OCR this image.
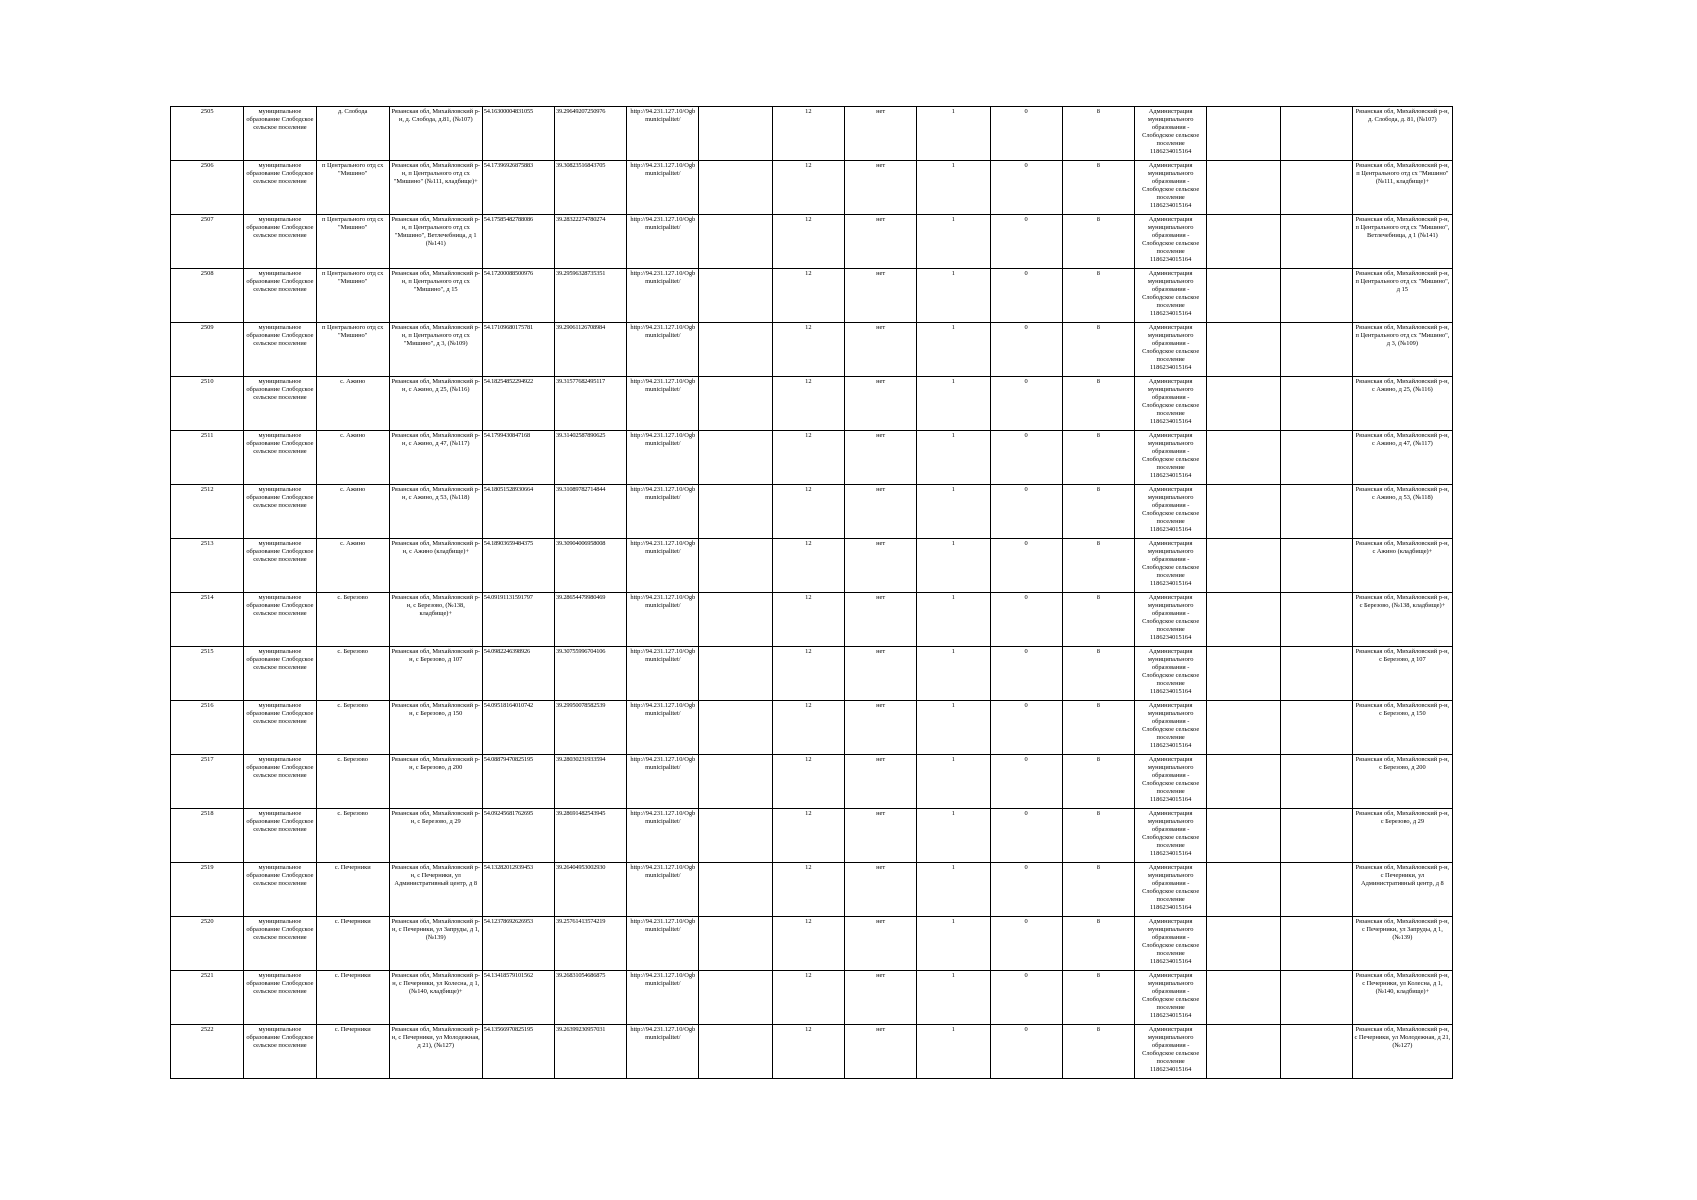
2505	муниципальное образование Слободское сельское поселение	д. Слобода	Рязанская обл, Михайловский р-н, д. Слобода, д.81, (№107)	54.16300004831055	39.29649207250976	http://94.231.127.10/Ogbmunicipalitet/		12	нет	1	0	8	Администрация муниципального образования - Слободское сельское поселение 1186234015164			Рязанская обл, Михайловский р-н, д. Слобода, д. 81, (№107)
2506	муниципальное образование Слободское сельское поселение	п Центрального отд сх "Мишино"	Рязанская обл, Михайловский р-н, п Центрального отд сх "Мишино" (№111, кладбище)+	54.17396926875883	39.30823516843705	http://94.231.127.10/Ogbmunicipalitet/		12	нет	1	0	8	Администрация муниципального образования - Слободское сельское поселение 1186234015164			Рязанская обл, Михайловский р-н, п Центрального отд сх "Мишино" (№111, кладбище)+
2507	муниципальное образование Слободское сельское поселение	п Центрального отд сх "Мишино"	Рязанская обл, Михайловский р-н, п Центрального отд сх "Мишино", Ветлечебница, д 1 (№141)	54.17585482788086	39.28322274780274	http://94.231.127.10/Ogbmunicipalitet/		12	нет	1	0	8	Администрация муниципального образования - Слободское сельское поселение 1186234015164			Рязанская обл, Михайловский р-н, п Центрального отд сх "Мишино", Ветлечебница, д 1 (№141)
2508	муниципальное образование Слободское сельское поселение	п Центрального отд сх "Мишино"	Рязанская обл, Михайловский р-н, п Центрального отд сх "Мишино", д 15	54.17200088500976	39.29596328735351	http://94.231.127.10/Ogbmunicipalitet/		12	нет	1	0	8	Администрация муниципального образования - Слободское сельское поселение 1186234015164			Рязанская обл, Михайловский р-н, п Центрального отд сх "Мишино", д 15
2509	муниципальное образование Слободское сельское поселение	п Центрального отд сх "Мишино"	Рязанская обл, Михайловский р-н, п Центрального отд сх "Мишино", д 3, (№109)	54.17109680175781	39.29061126708984	http://94.231.127.10/Ogbmunicipalitet/		12	нет	1	0	8	Администрация муниципального образования - Слободское сельское поселение 1186234015164			Рязанская обл, Михайловский р-н, п Центрального отд сх "Мишино", д 3, (№109)
2510	муниципальное образование Слободское сельское поселение	с. Ажино	Рязанская обл, Михайловский р-н, с Ажино, д 25, (№116)	54.18254852294922	39.31577682495117	http://94.231.127.10/Ogbmunicipalitet/		12	нет	1	0	8	Администрация муниципального образования - Слободское сельское поселение 1186234015164			Рязанская обл, Михайловский р-н, с Ажино, д 25, (№116)
2511	муниципальное образование Слободское сельское поселение	с. Ажино	Рязанская обл, Михайловский р-н, с Ажино, д 47, (№117)	54.1799430847168	39.31402587890625	http://94.231.127.10/Ogbmunicipalitet/		12	нет	1	0	8	Администрация муниципального образования - Слободское сельское поселение 1186234015164			Рязанская обл, Михайловский р-н, с Ажино, д 47, (№117)
2512	муниципальное образование Слободское сельское поселение	с. Ажино	Рязанская обл, Михайловский р-н, с Ажино, д 53, (№118)	54.18051528930664	39.31089782714844	http://94.231.127.10/Ogbmunicipalitet/		12	нет	1	0	8	Администрация муниципального образования - Слободское сельское поселение 1186234015164			Рязанская обл, Михайловский р-н, с Ажино, д 53, (№118)
2513	муниципальное образование Слободское сельское поселение	с. Ажино	Рязанская обл, Михайловский р-н, с Ажино (кладбище)+	54.18903659484375	39.30904006958008	http://94.231.127.10/Ogbmunicipalitet/		12	нет	1	0	8	Администрация муниципального образования - Слободское сельское поселение 1186234015164			Рязанская обл, Михайловский р-н, с Ажино (кладбище)+
2514	муниципальное образование Слободское сельское поселение	с. Березово	Рязанская обл, Михайловский р-н, с Березово, (№138, кладбище)+	54.09191131591797	39.28654479980469	http://94.231.127.10/Ogbmunicipalitet/		12	нет	1	0	8	Администрация муниципального образования - Слободское сельское поселение 1186234015164			Рязанская обл, Михайловский р-н, с Березово, (№138, кладбище)+
2515	муниципальное образование Слободское сельское поселение	с. Березово	Рязанская обл, Михайловский р-н, с Березово, д 107	54.0982246398926	39.30755996704106	http://94.231.127.10/Ogbmunicipalitet/		12	нет	1	0	8	Администрация муниципального образования - Слободское сельское поселение 1186234015164			Рязанская обл, Михайловский р-н, с Березово, д 107
2516	муниципальное образование Слободское сельское поселение	с. Березово	Рязанская обл, Михайловский р-н, с Березово, д 150	54.09518164010742	39.29950078582539	http://94.231.127.10/Ogbmunicipalitet/		12	нет	1	0	8	Администрация муниципального образования - Слободское сельское поселение 1186234015164			Рязанская обл, Михайловский р-н, с Березово, д 150
2517	муниципальное образование Слободское сельское поселение	с. Березово	Рязанская обл, Михайловский р-н, с Березово, д 200	54.08879470825195	39.28030231933594	http://94.231.127.10/Ogbmunicipalitet/		12	нет	1	0	8	Администрация муниципального образования - Слободское сельское поселение 1186234015164			Рязанская обл, Михайловский р-н, с Березово, д 200
2518	муниципальное образование Слободское сельское поселение	с. Березово	Рязанская обл, Михайловский р-н, с Березово, д 29	54.09245681762695	39.28691482543945	http://94.231.127.10/Ogbmunicipalitet/		12	нет	1	0	8	Администрация муниципального образования - Слободское сельское поселение 1186234015164			Рязанская обл, Михайловский р-н, с Березово, д 29
2519	муниципальное образование Слободское сельское поселение	с. Печерники	Рязанская обл, Михайловский р-н, с Печерники, ул Административный центр, д 8	54.13282012939453	39.26404953002930	http://94.231.127.10/Ogbmunicipalitet/		12	нет	1	0	8	Администрация муниципального образования - Слободское сельское поселение 1186234015164			Рязанская обл, Михайловский р-н, с Печерники, ул Административный центр, д 8
2520	муниципальное образование Слободское сельское поселение	с. Печерники	Рязанская обл, Михайловский р-н, с Печерники, ул Запруды, д 1, (№139)	54.12378692626953	39.25761413574219	http://94.231.127.10/Ogbmunicipalitet/		12	нет	1	0	8	Администрация муниципального образования - Слободское сельское поселение 1186234015164			Рязанская обл, Михайловский р-н, с Печерники, ул Запруды, д 1, (№139)
2521	муниципальное образование Слободское сельское поселение	с. Печерники	Рязанская обл, Михайловский р-н, с Печерники, ул Колесна, д 1, (№140, кладбище)+	54.13418579101562	39.26831054686875	http://94.231.127.10/Ogbmunicipalitet/		12	нет	1	0	8	Администрация муниципального образования - Слободское сельское поселение 1186234015164			Рязанская обл, Михайловский р-н, с Печерники, ул Колесна, д 1, (№140, кладбище)+
2522	муниципальное образование Слободское сельское поселение	с. Печерники	Рязанская обл, Михайловский р-н, с Печерники, ул Молодежная, д 21), (№127)	54.13566970825195	39.26399230957031	http://94.231.127.10/Ogbmunicipalitet/		12	нет	1	0	8	Администрация муниципального образования - Слободское сельское поселение 1186234015164			Рязанская обл, Михайловский р-н, с Печерники, ул Молодежная, д 21, (№127)
